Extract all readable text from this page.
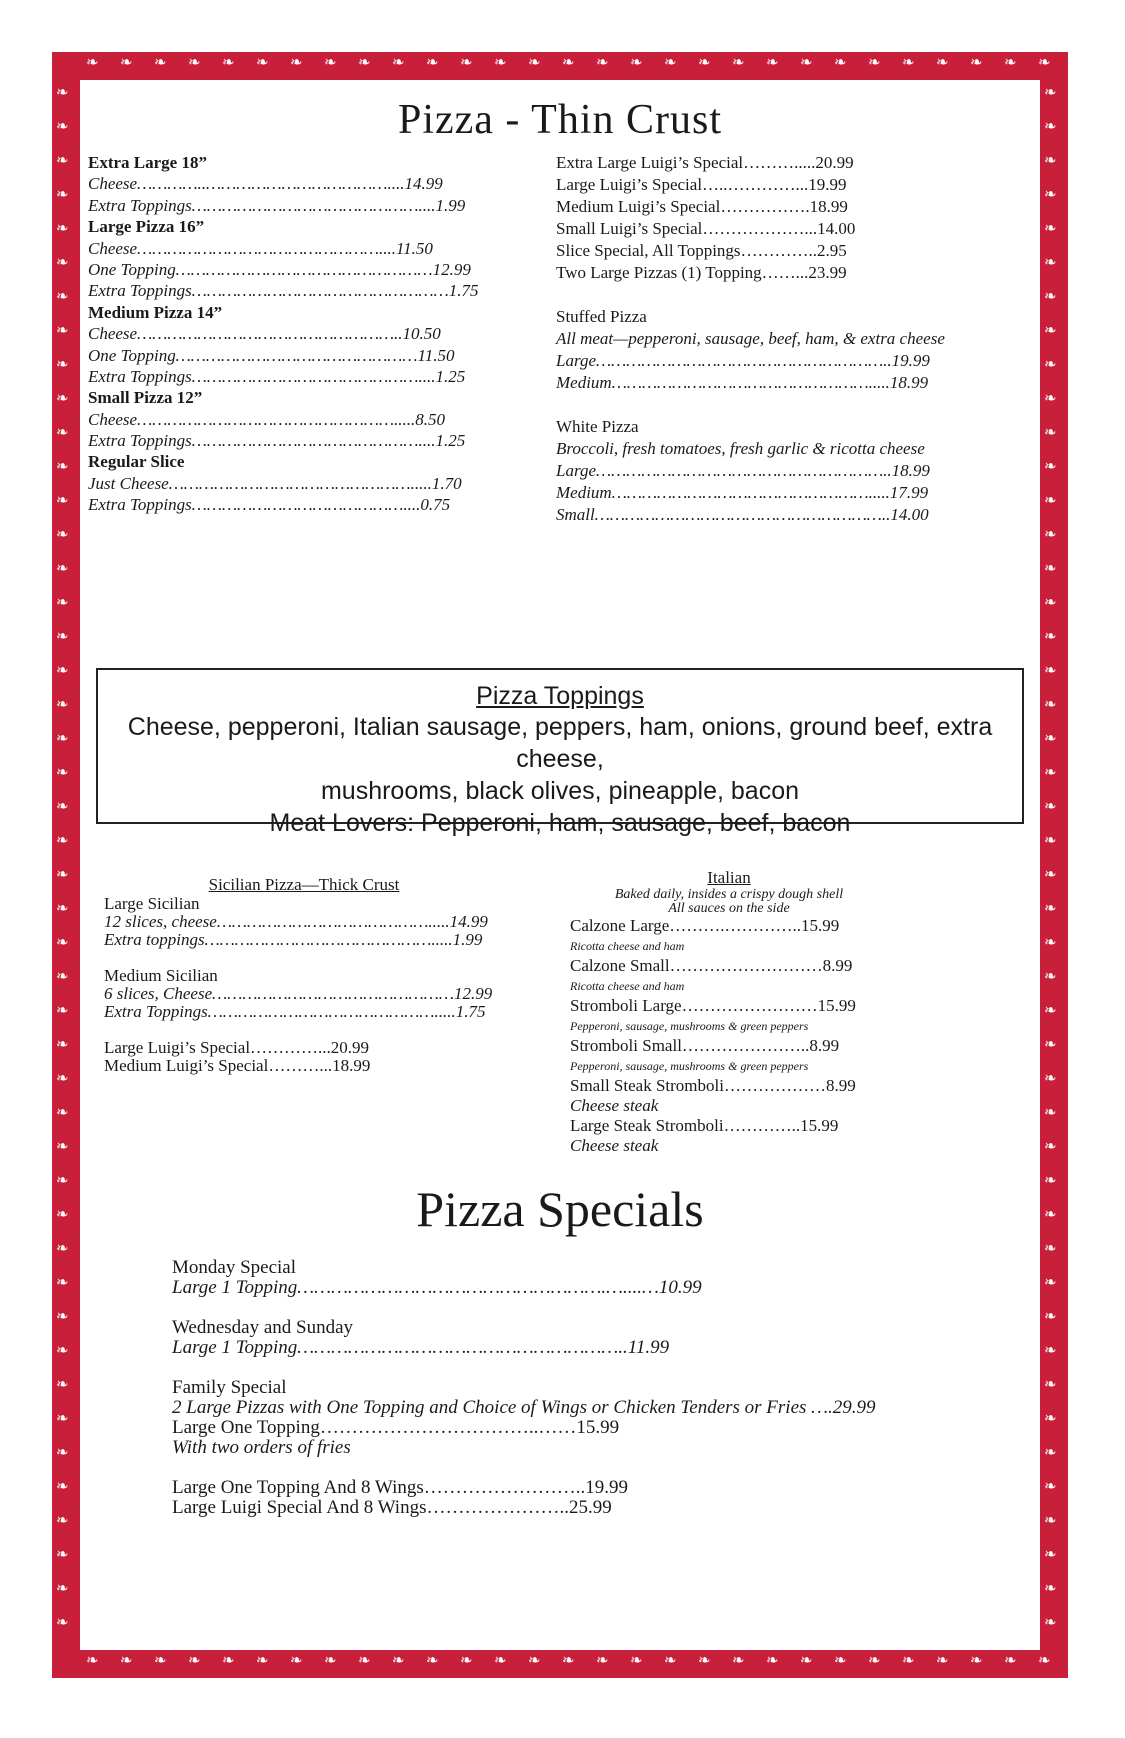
❧
❧
❧
❧
❧
❧
❧
❧
❧
❧
❧
❧
❧
❧
❧
❧
❧
❧
❧
❧
❧
❧
❧
❧
❧
❧
❧
❧
❧
❧
❧
❧
❧
❧
❧
❧
❧
❧
❧
❧
❧
❧
❧
❧
❧
❧
❧
❧
❧
❧
❧
❧
❧
❧
❧
❧
❧
❧
❧	❧
❧	❧
❧	❧
❧	❧
❧	❧
❧	❧
❧	❧
❧	❧
❧	❧
❧	❧
❧	❧
❧	❧
❧	❧
❧	❧
❧	❧
❧	❧
❧	❧
❧	❧
❧	❧
❧	❧
❧	❧
❧	❧
❧	❧
❧	❧
❧	❧
❧	❧
❧	❧
❧	❧
❧	❧
❧	❧
❧	❧
❧	❧
❧	❧
❧	❧
❧	❧
❧	❧
❧	❧
❧	❧
❧	❧
❧	❧
❧	❧
❧	❧
❧	❧
❧	❧
❧	❧
❧	❧
Pizza - Thin Crust
Extra Large 18”
Cheese…………..………………………………....14.99
Extra Toppings………………………………………....1.99
Large Pizza 16”
Cheese…………………………………………....11.50
One Topping……………………………………………12.99
Extra Toppings……………………………………………1.75
Medium Pizza 14”
Cheese……………………………………………..10.50
One Topping…………………………………………11.50
Extra Toppings………………………………………....1.25
Small Pizza 12”
Cheese…………………………………………….....8.50
Extra Toppings………………………………………....1.25
Regular Slice
Just Cheese………………………………………….....1.70
Extra Toppings……………………………………....0.75
Extra Large Luigi’s Special……….....20.99
Large Luigi’s Special…..…………...19.99
Medium Luigi’s Special…………….18.99
Small Luigi’s Special………………...14.00
Slice Special, All Toppings…………..2.95
Two Large Pizzas (1) Topping……...23.99
Stuffed Pizza
All meat—pepperoni, sausage, beef, ham, & extra cheese
Large…………………………………………………..19.99
Medium…………………………………………….....18.99
White Pizza
Broccoli, fresh tomatoes, fresh garlic & ricotta cheese
Large…………………………………………………..18.99
Medium…………………………………………….....17.99
Small…………………………………………………..14.00
Pizza Toppings
Cheese, pepperoni, Italian sausage, peppers, ham, onions, ground beef, extra cheese,
mushrooms, black olives, pineapple, bacon
Meat Lovers: Pepperoni, ham, sausage, beef, bacon
Sicilian Pizza—Thick Crust
Large Sicilian
12 slices, cheese…………………………………….....14.99
Extra toppings……………………………………….....1.99
Medium Sicilian
6 slices, Cheese…………………………………………12.99
Extra Toppings……………………………………….....1.75
Large Luigi’s Special…………...20.99
Medium Luigi’s Special………...18.99
Italian
Baked daily, insides a crispy dough shell
All sauces on the side
Calzone Large……….…………..15.99
Ricotta cheese and ham
Calzone Small………………………8.99
Ricotta cheese and ham
Stromboli Large……………………15.99
Pepperoni, sausage, mushrooms & green peppers
Stromboli Small…………………..8.99
Pepperoni, sausage, mushrooms & green peppers
Small Steak Stromboli………………8.99
Cheese steak
Large Steak Stromboli…………..15.99
Cheese steak
Pizza Specials
Monday Special
Large 1 Topping……………………………………………….…....…10.99
Wednesday and Sunday
Large 1 Topping…………………………………………………..11.99
Family Special
2 Large Pizzas with One Topping and Choice of Wings or Chicken Tenders or Fries ….29.99
Large One Topping……………………………..……15.99
With two orders of fries
Large One Topping And 8 Wings……………………..19.99
Large Luigi Special And 8 Wings…………………..25.99
